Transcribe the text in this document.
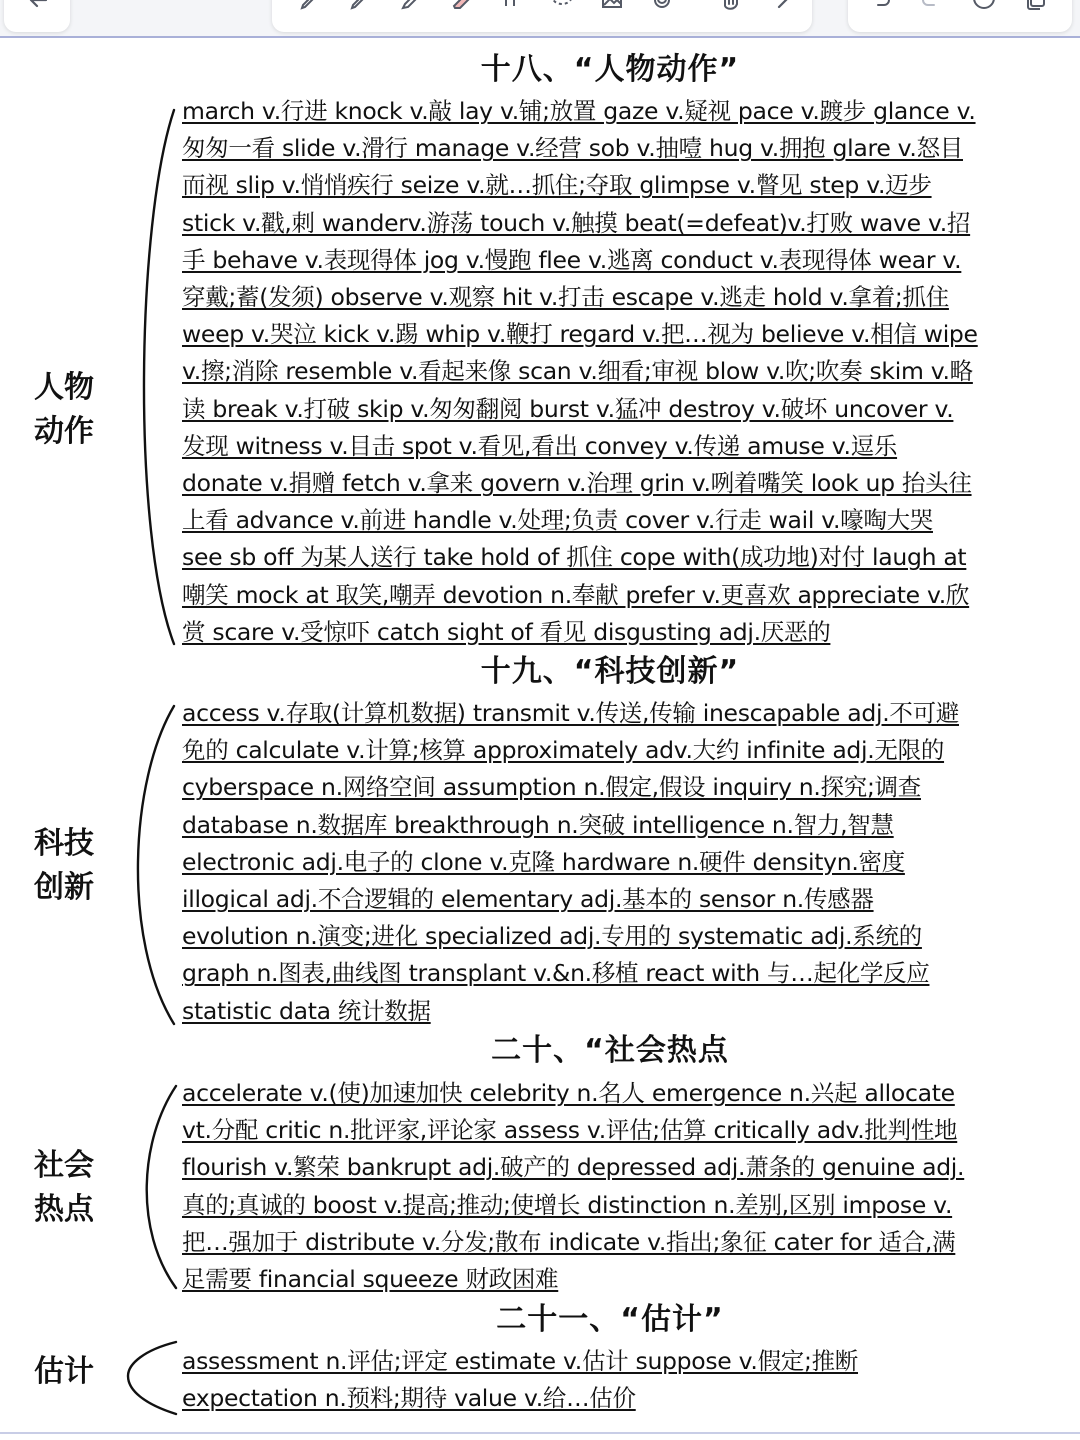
十八、“人物动作”
人物
动作
march v.行进 knock v.敲 lay v.铺;放置 gaze v.疑视 pace v.踱步 glance v.
匆匆一看 slide v.滑行 manage v.经营 sob v.抽噎 hug v.拥抱 glare v.怒目
而视 slip v.悄悄疾行 seize v.就…抓住;夺取 glimpse v.瞥见 step v.迈步
stick v.戳,刺 wanderv.游荡 touch v.触摸 beat(=defeat)v.打败 wave v.招
手 behave v.表现得体 jog v.慢跑 flee v.逃离 conduct v.表现得体 wear v.
穿戴;蓄(发须) observe v.观察 hit v.打击 escape v.逃走 hold v.拿着;抓住
weep v.哭泣 kick v.踢 whip v.鞭打 regard v.把…视为 believe v.相信 wipe
v.擦;消除 resemble v.看起来像 scan v.细看;审视 blow v.吹;吹奏 skim v.略
读 break v.打破 skip v.匆匆翻阅 burst v.猛冲 destroy v.破坏 uncover v.
发现 witness v.目击 spot v.看见,看出 convey v.传递 amuse v.逗乐
donate v.捐赠 fetch v.拿来 govern v.治理 grin v.咧着嘴笑 look up 抬头往
上看 advance v.前进 handle v.处理;负责 cover v.行走 wail v.嚎啕大哭
see sb off 为某人送行 take hold of 抓住 cope with(成功地)对付 laugh at
嘲笑 mock at 取笑,嘲弄 devotion n.奉献 prefer v.更喜欢 appreciate v.欣
赏 scare v.受惊吓 catch sight of 看见 disgusting adj.厌恶的
十九、“科技创新”
科技
创新
access v.存取(计算机数据) transmit v.传送,传输 inescapable adj.不可避
免的 calculate v.计算;核算 approximately adv.大约 infinite adj.无限的
cyberspace n.网络空间 assumption n.假定,假设 inquiry n.探究;调查
database n.数据库 breakthrough n.突破 intelligence n.智力,智慧
electronic adj.电子的 clone v.克隆 hardware n.硬件 densityn.密度
illogical adj.不合逻辑的 elementary adj.基本的 sensor n.传感器
evolution n.演变;进化 specialized adj.专用的 systematic adj.系统的
graph n.图表,曲线图 transplant v.&n.移植 react with 与…起化学反应
statistic data 统计数据
二十、“社会热点
社会
热点
accelerate v.(使)加速加快 celebrity n.名人 emergence n.兴起 allocate
vt.分配 critic n.批评家,评论家 assess v.评估;估算 critically adv.批判性地
flourish v.繁荣 bankrupt adj.破产的 depressed adj.萧条的 genuine adj.
真的;真诚的 boost v.提高;推动;使增长 distinction n.差别,区别 impose v.
把…强加于 distribute v.分发;散布 indicate v.指出;象征 cater for 适合,满
足需要 financial squeeze 财政困难
二十一、“估计”
估计	assessment n.评估;评定 estimate v.估计 suppose v.假定;推断
expectation n.预料;期待 value v.给…估价
